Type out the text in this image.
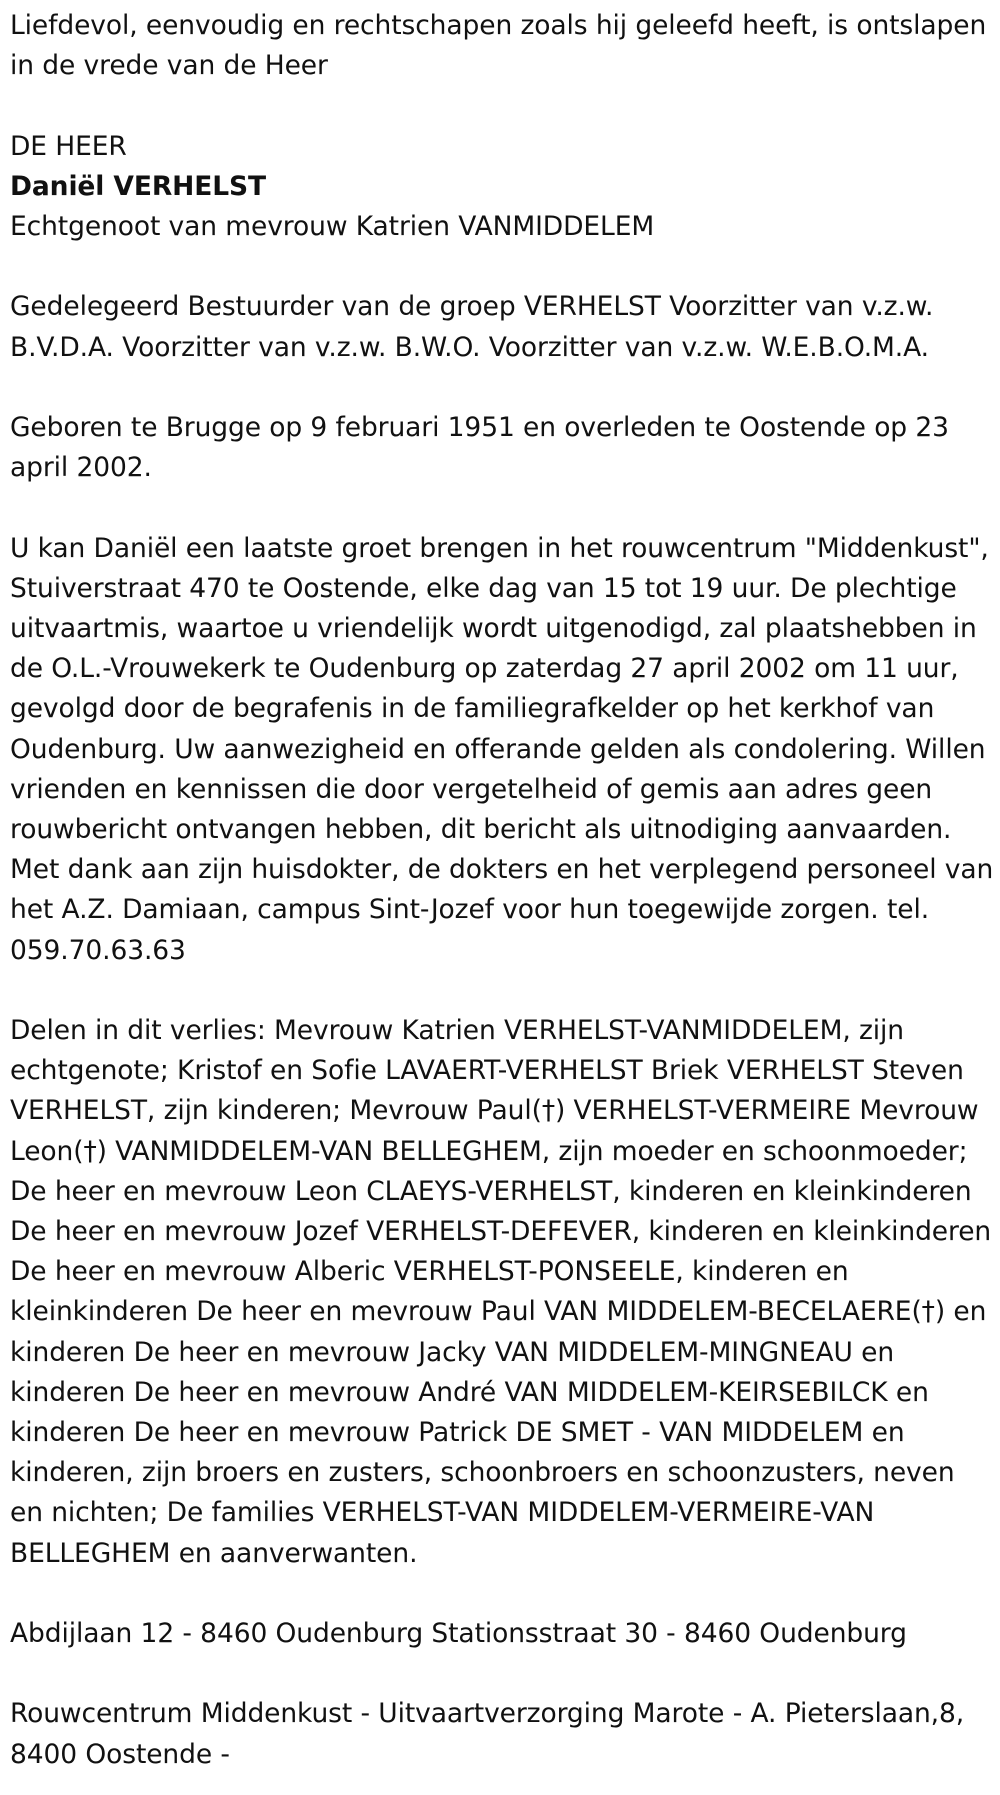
Liefdevol, eenvoudig en rechtschapen zoals hij geleefd heeft, is ontslapen in de vrede van de Heer

DE HEER

Daniël VERHELST

Echtgenoot van mevrouw Katrien VANMIDDELEM

Gedelegeerd Bestuurder van de groep VERHELST Voorzitter van v.z.w. B.V.D.A. Voorzitter van v.z.w. B.W.O. Voorzitter van v.z.w. W.E.B.O.M.A.

Geboren te Brugge op 9 februari 1951 en overleden te Oostende op 23 april 2002.

U kan Daniël een laatste groet brengen in het rouwcentrum "Middenkust", Stuiverstraat 470 te Oostende, elke dag van 15 tot 19 uur. De plechtige uitvaartmis, waartoe u vriendelijk wordt uitgenodigd, zal plaatshebben in de O.L.-Vrouwekerk te Oudenburg op zaterdag 27 april 2002 om 11 uur, gevolgd door de begrafenis in de familiegrafkelder op het kerkhof van Oudenburg. Uw aanwezigheid en offerande gelden als condolering. Willen vrienden en kennissen die door vergetelheid of gemis aan adres geen rouwbericht ontvangen hebben, dit bericht als uitnodiging aanvaarden. Met dank aan zijn huisdokter, de dokters en het verplegend personeel van het A.Z. Damiaan, campus Sint-Jozef voor hun toegewijde zorgen. tel. 059.70.63.63

Delen in dit verlies: Mevrouw Katrien VERHELST-VANMIDDELEM, zijn echtgenote; Kristof en Sofie LAVAERT-VERHELST Briek VERHELST Steven VERHELST, zijn kinderen; Mevrouw Paul(†) VERHELST-VERMEIRE Mevrouw Leon(†) VANMIDDELEM-VAN BELLEGHEM, zijn moeder en schoonmoeder; De heer en mevrouw Leon CLAEYS-VERHELST, kinderen en kleinkinderen De heer en mevrouw Jozef VERHELST-DEFEVER, kinderen en kleinkinderen De heer en mevrouw Alberic VERHELST-PONSEELE, kinderen en kleinkinderen De heer en mevrouw Paul VAN MIDDELEM-BECELAERE(†) en kinderen De heer en mevrouw Jacky VAN MIDDELEM-MINGNEAU en kinderen De heer en mevrouw André VAN MIDDELEM-KEIRSEBILCK en kinderen De heer en mevrouw Patrick DE SMET - VAN MIDDELEM en kinderen, zijn broers en zusters, schoonbroers en schoonzusters, neven en nichten; De families VERHELST-VAN MIDDELEM-VERMEIRE-VAN BELLEGHEM en aanverwanten.

Abdijlaan 12 - 8460 Oudenburg Stationsstraat 30 - 8460 Oudenburg

Rouwcentrum Middenkust - Uitvaartverzorging Marote - A. Pieterslaan,8, 8400 Oostende -
